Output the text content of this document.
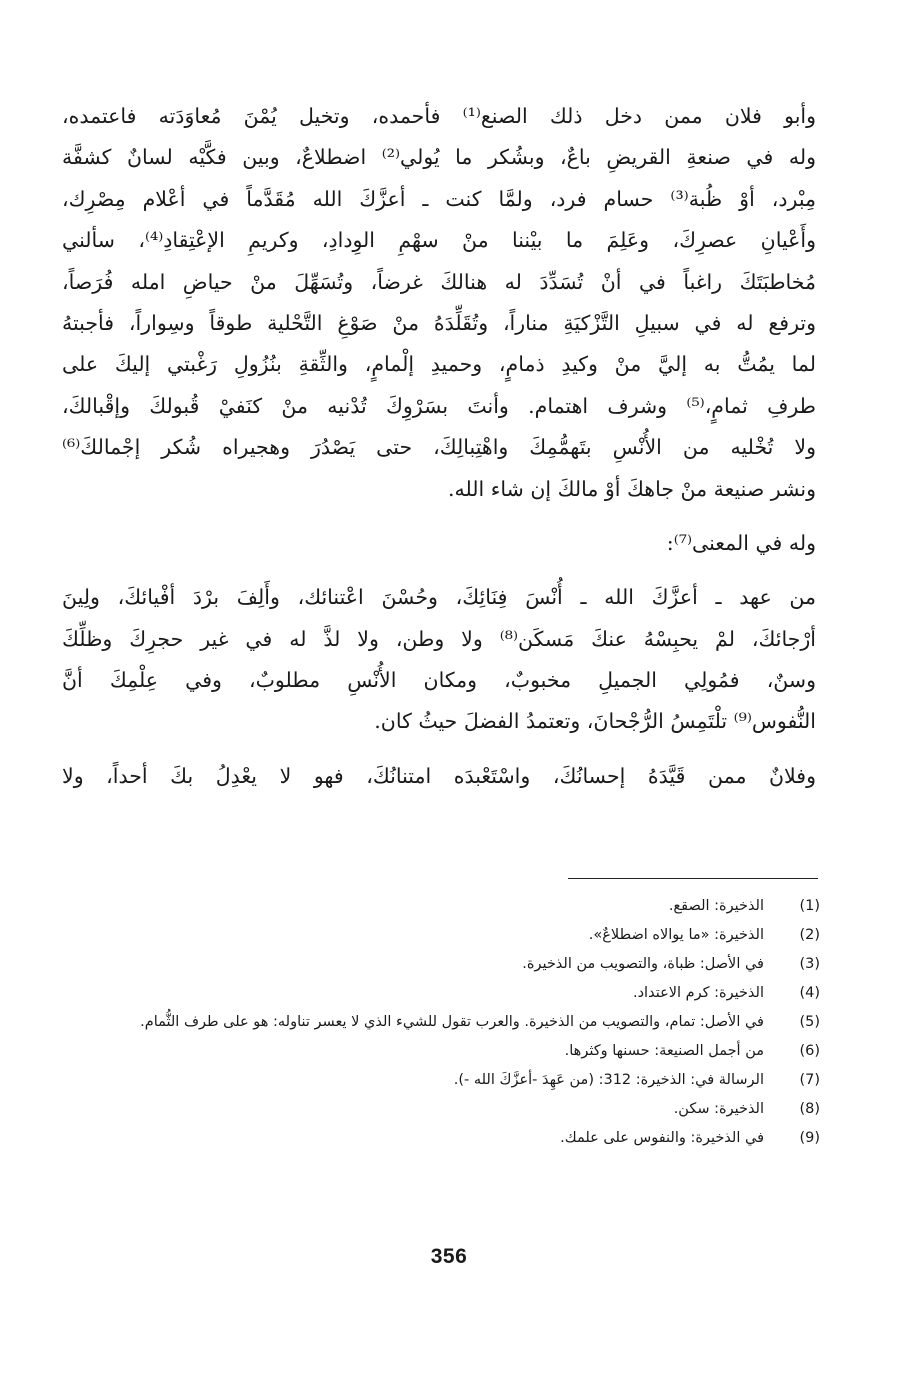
وأبو فلان ممن دخل ذلك الصنع⁽¹⁾ فأحمده، وتخيل يُمْنَ مُعاوَدَته فاعتمده،
وله في صنعةِ القريضِ باعٌ، وبشُكر ما يُولي⁽²⁾ اضطلاعٌ، وبين فكَّيْه لسانٌ كشفَّة
مِبْرد، أوْ ظُبة⁽³⁾ حسام فرد، ولمَّا كنت ـ أعزَّكَ الله مُقَدَّماً في أعْلام مِصْرِك،
وأَعْيانِ عصرِكَ، وعَلِمَ ما بيْننا منْ سهْمِ الوِدادِ، وكريمِ الإعْتِقادِ⁽⁴⁾، سألني
مُخاطبَتَكَ راغباً في أنْ تُسَدِّدَ له هنالكَ غرضاً، وتُسَهِّلَ منْ حياضِ امله فُرَصاً،
وترفع له في سبيلِ التَّزْكيَةِ مناراً، وتُقَلِّدَهُ منْ صَوْغِ التَّحْلية طوقاً وسِواراً، فأجبتهُ
لما يمُتُّ به إليَّ منْ وكيدِ ذمامٍ، وحميدِ إلْمامٍ، والثِّقةِ بنُزُولِ رَغْبتي إليكَ على
طرفِ ثمامٍ،⁽⁵⁾ وشرف اهتمام. وأنتَ بسَرْوِكَ تُدْنيه منْ كنَفيْ قُبولكَ وإقْبالكَ،
ولا تُخْليه من الأُنْسِ بتَهمُّمِكَ واهْتِبالِكَ، حتى يَصْدُرَ وهجيراه شُكر إجْمالكَ⁽⁶⁾
ونشر صنيعة منْ جاهكَ أوْ مالكَ إن شاء الله.

وله في المعنى⁽⁷⁾:

من عهد ـ أعزَّكَ الله ـ أُنْسَ فِنَائِكَ، وحُسْنَ اعْتنائك، وأَلِفَ برْدَ أفْيائكَ، ولِينَ
أرْجائكَ، لمْ يحبِسْهُ عنكَ مَسكَن⁽⁸⁾ ولا وطن، ولا لذَّ له في غير حجرِكَ وظلِّكَ
وسنٌ، فمُولِي الجميلِ مخبوبٌ، ومكان الأُنْسِ مطلوبٌ، وفي عِلْمِكَ أنَّ
النُّفوس⁽⁹⁾ تلْتَمِسُ الرُّجْحانَ، وتعتمدُ الفضلَ حيثُ كان.

وفلانٌ ممن قَيَّدَهُ إحسانُكَ، واسْتَعْبدَه امتنانُكَ، فهو لا يعْدِلُ بكَ أحداً، ولا

(1)
الذخيرة: الصقع.
(2)
الذخيرة: «ما يوالاه اضطلاعٌ».
(3)
في الأصل: ظباة، والتصويب من الذخيرة.
(4)
الذخيرة: كرم الاعتداد.
(5)
في الأصل: تمام، والتصويب من الذخيرة. والعرب تقول للشيء الذي لا يعسر تناوله: هو على طرف الثُّمام.
(6)
من أجمل الصنيعة: حسنها وكثرها.
(7)
الرسالة في: الذخيرة: 312: (من عَهِدَ -أعزَّكَ الله -).
(8)
الذخيرة: سكن.
(9)
في الذخيرة: والنفوس على علمك.
356
